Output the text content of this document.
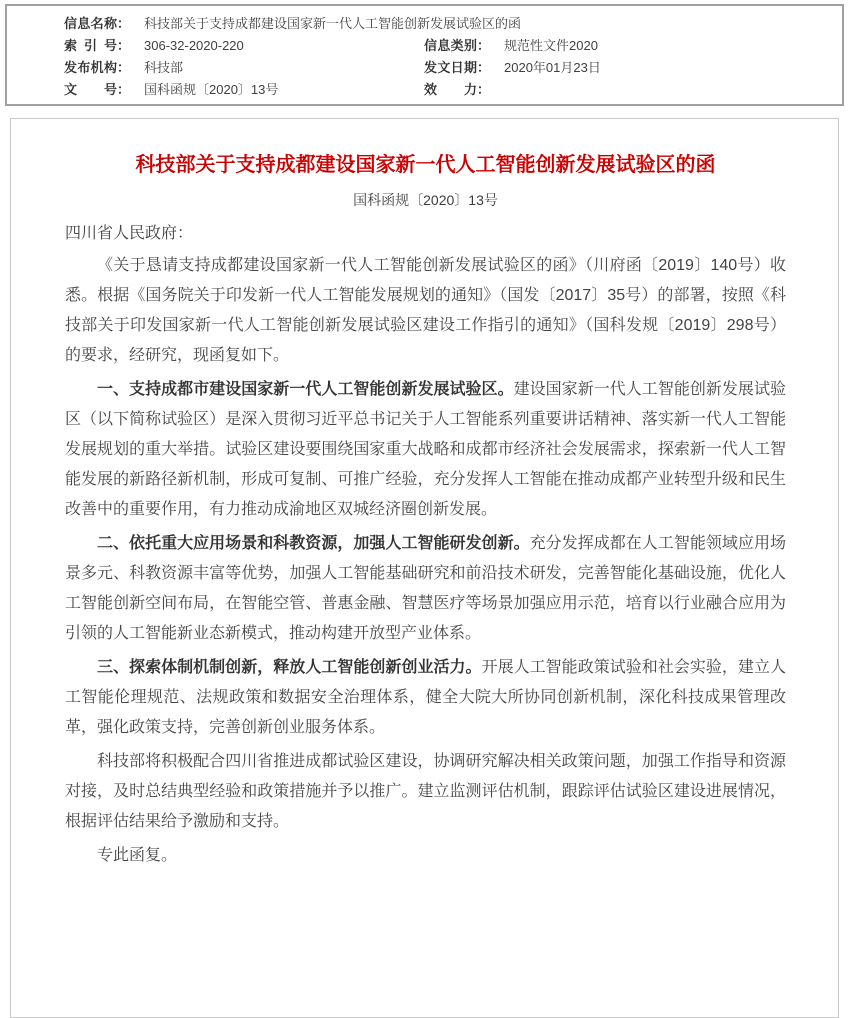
信息名称 ： 科技部关于支持成都建设国家新一代人工智能创新发展试验区的函
索引号 ： 306-32-2020-220	信息类别 ： 规范性文件2020
发布机构 ： 科技部	发文日期 ： 2020年01月23日
文号 ： 国科函规〔2020〕13号	效力 ：
科技部关于支持成都建设国家新一代人工智能创新发展试验区的函
国科函规〔2020〕13号
四川省人民政府：

《关于恳请支持成都建设国家新一代人工智能创新发展试验区的函》（川府函〔2019〕140号）收悉。根据《国务院关于印发新一代人工智能发展规划的通知》（国发〔2017〕35号）的部署，按照《科技部关于印发国家新一代人工智能创新发展试验区建设工作指引的通知》（国科发规〔2019〕298号）的要求，经研究，现函复如下。

一、支持成都市建设国家新一代人工智能创新发展试验区。建设国家新一代人工智能创新发展试验区（以下简称试验区）是深入贯彻习近平总书记关于人工智能系列重要讲话精神、落实新一代人工智能发展规划的重大举措。试验区建设要围绕国家重大战略和成都市经济社会发展需求，探索新一代人工智能发展的新路径新机制，形成可复制、可推广经验，充分发挥人工智能在推动成都产业转型升级和民生改善中的重要作用，有力推动成渝地区双城经济圈创新发展。

二、依托重大应用场景和科教资源，加强人工智能研发创新。充分发挥成都在人工智能领域应用场景多元、科教资源丰富等优势，加强人工智能基础研究和前沿技术研发，完善智能化基础设施，优化人工智能创新空间布局，在智能空管、普惠金融、智慧医疗等场景加强应用示范，培育以行业融合应用为引领的人工智能新业态新模式，推动构建开放型产业体系。

三、探索体制机制创新，释放人工智能创新创业活力。开展人工智能政策试验和社会实验，建立人工智能伦理规范、法规政策和数据安全治理体系，健全大院大所协同创新机制，深化科技成果管理改革，强化政策支持，完善创新创业服务体系。

科技部将积极配合四川省推进成都试验区建设，协调研究解决相关政策问题，加强工作指导和资源对接，及时总结典型经验和政策措施并予以推广。建立监测评估机制，跟踪评估试验区建设进展情况，根据评估结果给予激励和支持。

专此函复。
